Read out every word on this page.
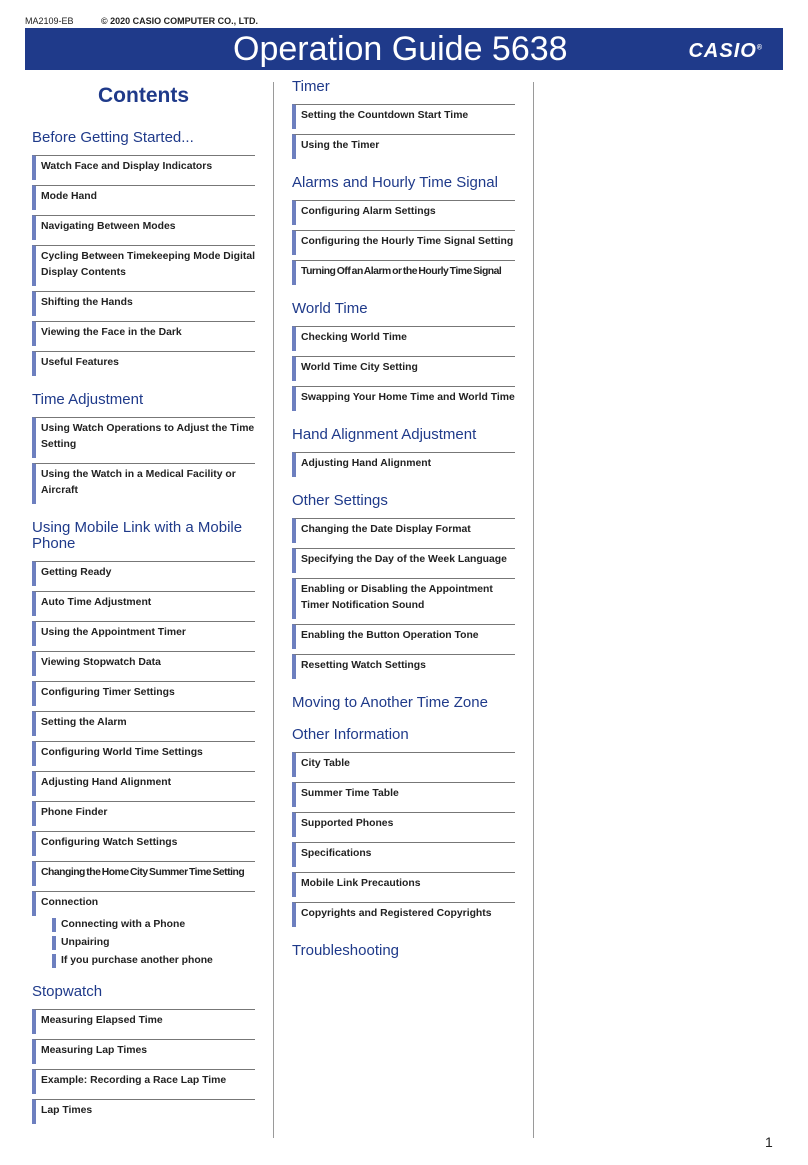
MA2109-EB	© 2020 CASIO COMPUTER CO., LTD.
Operation Guide 5638	CASIO®
Contents
Before Getting Started...
Watch Face and Display Indicators
Mode Hand
Navigating Between Modes
Cycling Between Timekeeping Mode Digital Display Contents
Shifting the Hands
Viewing the Face in the Dark
Useful Features
Time Adjustment
Using Watch Operations to Adjust the Time Setting
Using the Watch in a Medical Facility or Aircraft
Using Mobile Link with a Mobile Phone
Getting Ready
Auto Time Adjustment
Using the Appointment Timer
Viewing Stopwatch Data
Configuring Timer Settings
Setting the Alarm
Configuring World Time Settings
Adjusting Hand Alignment
Phone Finder
Configuring Watch Settings
Changing the Home City Summer Time Setting
Connection
Connecting with a Phone
Unpairing
If you purchase another phone
Stopwatch
Measuring Elapsed Time
Measuring Lap Times
Example: Recording a Race Lap Time
Lap Times
Timer
Setting the Countdown Start Time
Using the Timer
Alarms and Hourly Time Signal
Configuring Alarm Settings
Configuring the Hourly Time Signal Setting
Turning Off an Alarm or the Hourly Time Signal
World Time
Checking World Time
World Time City Setting
Swapping Your Home Time and World Time
Hand Alignment Adjustment
Adjusting Hand Alignment
Other Settings
Changing the Date Display Format
Specifying the Day of the Week Language
Enabling or Disabling the Appointment Timer Notification Sound
Enabling the Button Operation Tone
Resetting Watch Settings
Moving to Another Time Zone
Other Information
City Table
Summer Time Table
Supported Phones
Specifications
Mobile Link Precautions
Copyrights and Registered Copyrights
Troubleshooting
1
